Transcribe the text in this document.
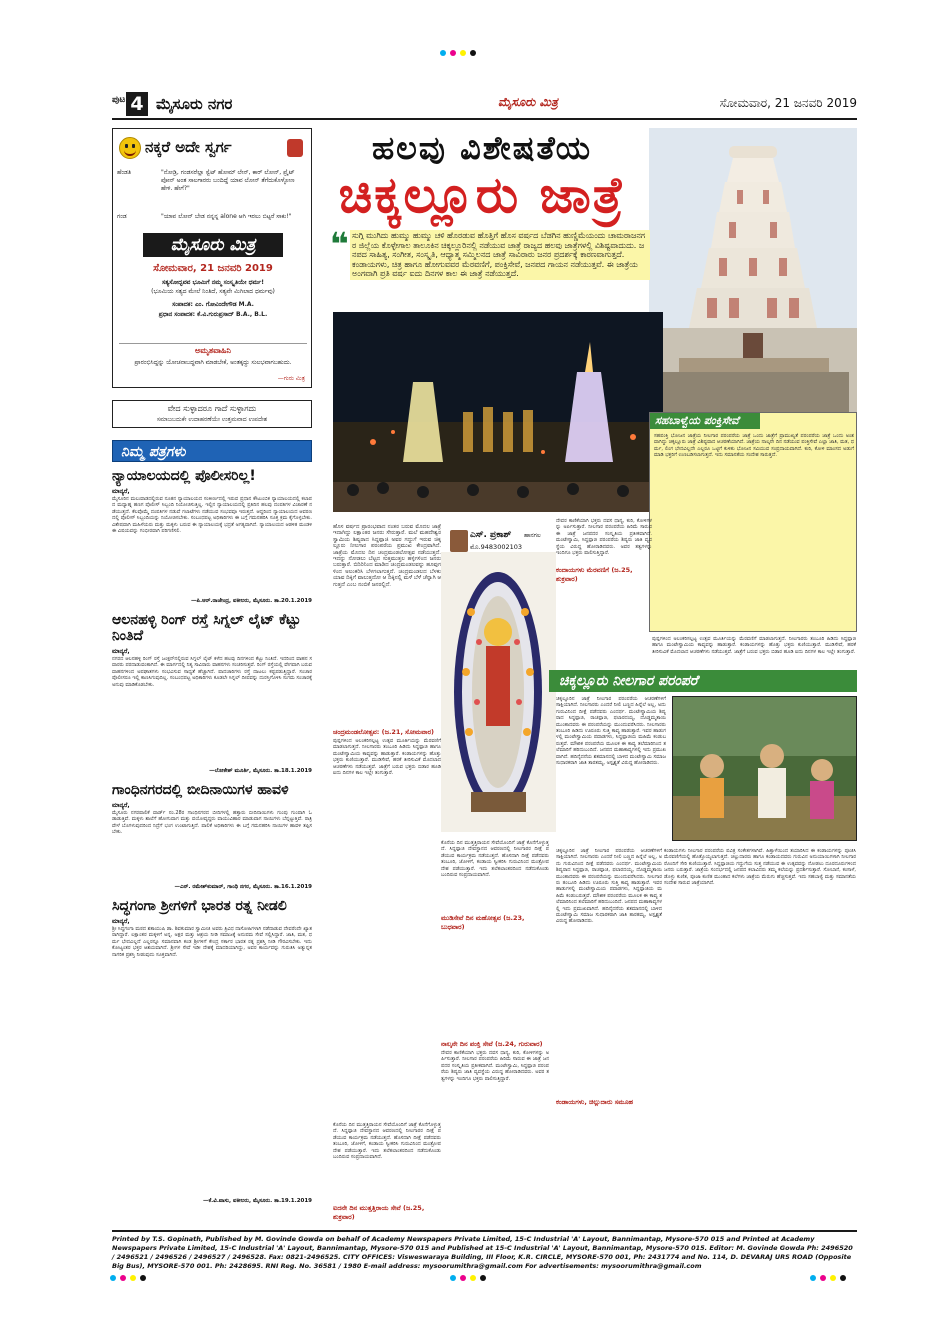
ಪುಟ 4 ಮೈಸೂರು ನಗರ	ಮೈಸೂರು ಮಿತ್ರ	ಸೋಮವಾರ, 21 ಜನವರಿ 2019
ನಕ್ಕರೆ ಅದೇ ಸ್ವರ್ಗ
ಹೆಂಡತಿ	"ನೋಡ್ರಿ, ಗಂಡಸರೆಲ್ಲಾ ಸ್ವೆಟ್ ಹೋಮ್ ಲೇನ್, ಕಾರ್ ಲೋನ್, ಪ್ರೈಟ್ ಪೋನ್ ಅಂತ ಸಾಲಗಾರರು ಬಂದಿದ್ದೆ ಯಾವ ಲೋನ್ ತೆಗೆದುಕೊಳ್ಳೋಣ ಹೇಳಿ. ಹೇಗೆ?"
ಗಂಡ	"ಯಾವ ಲೋನ್ ಬೇಡ ನನ್ನನ್ನ alone ಆಗಿ ಇರಲು ಬಿಟ್ಟರೆ ಸಾಕು!"
ಮೈಸೂರು ಮಿತ್ರ
ಸೋಮವಾರ, 21 ಜನವರಿ 2019
ಸತ್ಯಸೋದ್ಭವವ ಭೂಮಿಗೆ ನಮ್ಮ ಸಂಸ್ಕೃತಿಯೇ ಧರ್ಮ!
(ಭೂಮಿಯ ಸತ್ಯದ ಮೇಲೆ ನಿಂತಿದೆ, ಸತ್ಯವೇ ಮಿಗಿಲಾದ ಧರ್ಮವು)
ಸಂಪಾದಕ: ಎಂ. ಗೋವಿಂದೇಗೌಡ M.A.
ಪ್ರಧಾನ ಸಂಪಾದಕ: ಕೆ.ವಿ.ಗುರುಪ್ರಸಾದ್ B.A., B.L.
ಅಮೃತವಾಹಿನಿ
ಪ್ರಾರಂಭಿಸಿದ್ದನ್ನು ಯೋಚನಾಬದ್ಧವಾಗಿ ಮಾಡಬೇಕೆ, ಅಂತಕ್ಕದ್ದು ಸುಲಭವಾಗಬಹುದು.
—ಗುರು ಮಿತ್ರ
ವೇದ ಸುಳ್ಳಾದರೂ ಗಾದೆ ಸುಳ್ಳಾಗದು
ಸಮಾಜಬದುಕೇ ಉದಾಹರಣೆಯೇ ಉತ್ತಮವಾದ ಉಪದೇಶ
ನಿಮ್ಮ ಪತ್ರಗಳು
ನ್ಯಾಯಾಲಯದಲ್ಲಿ ಪೊಲೀಸರಿಲ್ಲ!
ಮಾನ್ಯರೆ,
ಮೈಸೂರಿನ ಮಲುವಾಡದಲ್ಲಿರುವ ನೂತನ ನ್ಯಾಯಾಲಯದ ಸಂಕೀರ್ಣದಲ್ಲಿ ಇರುವ ಪ್ರಧಾನ ಕೌಟುಂಬಿಕ ನ್ಯಾಯಾಲಯದಲ್ಲಿ ಕಲಾಪದ ಮಧ್ಯಾಹ್ನ ಹಣಗ ಪೊಲೀಸ್ ಸಿಬ್ಬಂದಿ ನಿಯೋಜಿಸುತ್ತಿಲ್ಲ. ಇಲ್ಲಿನ ನ್ಯಾಯಾಲಯದಲ್ಲಿ ಪ್ರತಿದಿನ ಹಲವು ದಂಪತಿಗಳ ವಿಚಾರಣೆ ನಡೆಯುತ್ತದೆ. ಕೆಲವೊಮ್ಮೆ ದಂಪತಿಗಳ ನಡುವೆ ಗಲಾಟೆಗಳು ನಡೆಯುವ ಸಂಭವವೂ ಇರುತ್ತದೆ. ಆದ್ದರಿಂದ ನ್ಯಾಯಾಲಯದ ಆವರಣದಲ್ಲಿ ಪೊಲೀಸ್ ಸಿಬ್ಬಂದಿಯನ್ನು ನಿಯೋಜಿಸಬೇಕು. ಸಂಬಂಧಪಟ್ಟ ಅಧಿಕಾರಿಗಳು ಈ ಬಗ್ಗೆ ಗಮನಹರಿಸಿ ಸೂಕ್ತ ಕ್ರಮ ಕೈಗೊಳ್ಳಬೇಕು. ವಿಶೇಷವಾಗಿ ಮಹಿಳೆಯರು ಮತ್ತು ಮಕ್ಕಳು ಬರುವ ಈ ನ್ಯಾಯಾಲಯಕ್ಕೆ ಭದ್ರತೆ ಅಗತ್ಯವಾಗಿದೆ. ನ್ಯಾಯಾಲಯದ ಆಡಳಿತ ಮಂಡಳಿ ಈ ವಿಷಯವನ್ನು ಗಂಭೀರವಾಗಿ ಪರಿಗಣಿಸಲಿ.
—ಪಿ.ಆರ್.ರಾಜೇಂದ್ರ, ವಕೀಲರು, ಮೈಸೂರು. ತಾ.20.1.2019
ಆಲನಹಳ್ಳಿ ರಿಂಗ್ ರಸ್ತೆ ಸಿಗ್ನಲ್ ಲೈಟ್ ಕೆಟ್ಟು ನಿಂತಿದೆ
ಮಾನ್ಯರೆ,
ನಗರದ ಆಲನಹಳ್ಳಿ ರಿಂಗ್ ರಸ್ತೆ ಜಂಕ್ಷನ್‌ನಲ್ಲಿರುವ ಸಿಗ್ನಲ್ ಲೈಟ್ ಕಳೆದ ಹಲವು ದಿನಗಳಿಂದ ಕೆಟ್ಟು ನಿಂತಿದೆ. ಇದರಿಂದ ವಾಹನ ಸವಾರರು ಪರದಾಡುವಂತಾಗಿದೆ. ಈ ಮಾರ್ಗದಲ್ಲಿ ನಿತ್ಯ ಸಾವಿರಾರು ವಾಹನಗಳು ಸಂಚರಿಸುತ್ತವೆ. ರಿಂಗ್ ರಸ್ತೆಯಲ್ಲಿ ವೇಗವಾಗಿ ಬರುವ ವಾಹನಗಳಿಂದ ಅಪಘಾತಗಳು ಸಂಭವಿಸುವ ಸಾಧ್ಯತೆ ಹೆಚ್ಚಾಗಿದೆ. ಪಾದಚಾರಿಗಳು ರಸ್ತೆ ದಾಟಲು ಕಷ್ಟಪಡುತ್ತಿದ್ದಾರೆ. ಸಂಚಾರ ಪೊಲೀಸರೂ ಇಲ್ಲಿ ಕಾಣಸಿಗುವುದಿಲ್ಲ. ಸಂಬಂಧಪಟ್ಟ ಅಧಿಕಾರಿಗಳು ಕೂಡಲೇ ಸಿಗ್ನಲ್ ದೀಪವನ್ನು ದುರಸ್ತಿಗೊಳಿಸಿ ಸುಗಮ ಸಂಚಾರಕ್ಕೆ ಅನುವು ಮಾಡಿಕೊಡಬೇಕು.
—ಲೋಕೇಶ್ ಮೂರ್ತಿ, ಮೈಸೂರು. ತಾ.18.1.2019
ಗಾಂಧಿನಗರದಲ್ಲಿ ಬೀದಿನಾಯಿಗಳ ಹಾವಳಿ
ಮಾನ್ಯರೆ,
ಮೈಸೂರು ನಗರಪಾಲಿಕೆ ವಾರ್ಡ್ ನಂ.28ರ ಗಾಂಧಿನಗರದ ಬೀದಿಗಳಲ್ಲಿ ಹತ್ತಾರು ಬೀದಿನಾಯಿಗಳು ಗುಂಪು ಗುಂಪಾಗಿ ಓಡಾಡುತ್ತಿವೆ. ಮಕ್ಕಳು ಶಾಲೆಗೆ ಹೋಗುವಾಗ ಮತ್ತು ವಯೋವೃದ್ಧರು ವಾಯುವಿಹಾರ ಮಾಡುವಾಗ ನಾಯಿಗಳು ಬೆನ್ನಟ್ಟುತ್ತಿವೆ. ರಾತ್ರಿ ವೇಳೆ ಬೊಗಳುವುದರಿಂದ ನಿದ್ರೆಗೆ ಭಂಗ ಉಂಟಾಗುತ್ತಿದೆ. ಪಾಲಿಕೆ ಅಧಿಕಾರಿಗಳು ಈ ಬಗ್ಗೆ ಗಮನಹರಿಸಿ ನಾಯಿಗಳ ಹಾವಳಿ ತಪ್ಪಿಸಬೇಕು.
—ಎನ್. ರಮೇಶ್‌ಕುಮಾರ್, ಗಾಂಧಿ ನಗರ, ಮೈಸೂರು. ತಾ.16.1.2019
ಸಿದ್ಧಗಂಗಾ ಶ್ರೀಗಳಿಗೆ ಭಾರತ ರತ್ನ ನೀಡಲಿ
ಮಾನ್ಯರೆ,
ಶ್ರೀ ಸಿದ್ಧಗಂಗಾ ಮಠದ ಶತಾಯುಷಿ ಡಾ. ಶಿವಕುಮಾರ ಸ್ವಾಮೀಜಿ ಅವರು ತ್ರಿವಿಧ ದಾಸೋಹಿಗಳಾಗಿ ನಡೆದಾಡುವ ದೇವರೆಂದೇ ಖ್ಯಾತರಾಗಿದ್ದಾರೆ. ಲಕ್ಷಾಂತರ ಮಕ್ಕಳಿಗೆ ಅನ್ನ, ಅಕ್ಷರ ಮತ್ತು ಆಶ್ರಯ ನೀಡಿ ಸಮಾಜಕ್ಕೆ ಅನುಪಮ ಸೇವೆ ಸಲ್ಲಿಸಿದ್ದಾರೆ. ಜಾತಿ, ಮತ, ಧರ್ಮ ಭೇದವಿಲ್ಲದೆ ಎಲ್ಲರನ್ನೂ ಸಮಾನವಾಗಿ ಕಂಡ ಶ್ರೀಗಳಿಗೆ ಕೇಂದ್ರ ಸರ್ಕಾರ ಭಾರತ ರತ್ನ ಪ್ರಶಸ್ತಿ ನೀಡಿ ಗೌರವಿಸಬೇಕು. ಇದು ಕೋಟ್ಯಂತರ ಭಕ್ತರ ಆಶಯವಾಗಿದೆ. ಶ್ರೀಗಳ ಸೇವೆ ಇಡೀ ದೇಶಕ್ಕೆ ಮಾದರಿಯಾಗಿದ್ದು, ಅವರ ಕಾರ್ಯವನ್ನು ಗುರುತಿಸಿ ಅತ್ಯುನ್ನತ ನಾಗರಿಕ ಪ್ರಶಸ್ತಿ ನೀಡುವುದು ಸೂಕ್ತವಾಗಿದೆ.
—ಕೆ.ವಿ.ವಾಸು, ವಕೀಲರು, ಮೈಸೂರು. ತಾ.19.1.2019
ಹಲವು ವಿಶೇಷತೆಯ
ಚಿಕ್ಕಲ್ಲೂರು ಜಾತ್ರೆ
❝ ಸುಗ್ಗಿ ಮುಗಿದು ಹುಮ್ಮು ಹುಮ್ಮು ಚಳಿ ಹೊರಡುವ ಹೊತ್ತಿಗೆ ಹೊಸ ವರ್ಷದ ಬೆಡಗಿನ ಹುಣ್ಣಿಮೆಯಂದು ಚಾಮರಾಜನಗರ ಜಿಲ್ಲೆಯ ಕೊಳ್ಳೇಗಾಲ ತಾಲೂಕಿನ ಚಿಕ್ಕಲ್ಲೂರಿನಲ್ಲಿ ನಡೆಯುವ ಜಾತ್ರೆ ರಾಜ್ಯದ ಹಲವು ಜಾತ್ರೆಗಳಲ್ಲಿ ವಿಶಿಷ್ಟವಾದುದು. ಜನಪದ ಸಾಹಿತ್ಯ, ಸಂಗೀತ, ಸಂಸ್ಕೃತಿ, ಆಧ್ಯಾತ್ಮ ಸಮ್ಮಿಲನದ ಜಾತ್ರೆ ಸಾವಿರಾರು ಜನರ ಪ್ರದರ್ಶಕ್ಕೆ ಕಾರಣವಾಗುತ್ತದೆ. ಕಂಡಾಯಗಳು, ಚಿತ್ರ ಹಾಗೂ ಹೋಗುವವರ ಮೆರವಣಿಗೆ, ಪಂಕ್ತಿಸೇವೆ, ಜನಪದ ಗಾಯನ ನಡೆಯುತ್ತವೆ. ಈ ಜಾತ್ರೆಯ ಅಂಗವಾಗಿ ಪ್ರತಿ ವರ್ಷ ಐದು ದಿನಗಳ ಕಾಲ ಈ ಜಾತ್ರೆ ನಡೆಯುತ್ತದೆ.
ಸಹಬಾಳ್ವೆಯ ಪಂಕ್ತಿಸೇವೆ
ಸಹಪಂಕ್ತಿ ಭೋಜನ ಜಾತ್ರೆಯ ನೀಲಗಾರ ಪರಂಪರೆಯ ಜಾತ್ರೆ ಒಂದು ಜಾತ್ರೆಗೆ ಪ್ರಾಮುಖ್ಯತೆ ಪರಂಪರೆಯ ಜಾತ್ರೆ ಒಂದು ಅಂಶವಾಗಿದ್ದು ಚಿಕ್ಕಲ್ಲೂರು ಜಾತ್ರೆ ವಿಶಿಷ್ಟವಾದ ಆಚರಣೆಯಾಗಿದೆ. ಜಾತ್ರೆಯ ನಾಲ್ಕನೇ ದಿನ ನಡೆಯುವ ಪಂಕ್ತಿಸೇವೆ ಎಲ್ಲಾ ಜಾತಿ, ಮತ, ಧರ್ಮ, ಲಿಂಗ ಭೇದವಿಲ್ಲದೇ ಎಲ್ಲರೂ ಒಟ್ಟಿಗೆ ಕುಳಿತು ಭೋಜನ ಸವಿಯುವ ಸಂಪ್ರದಾಯವಾಗಿದೆ. ಕುರಿ, ಕೋಳಿ ಮಾಂಸದ ಅಡುಗೆ ಮಾಡಿ ಭಕ್ತರಿಗೆ ಉಣಬಡಿಸಲಾಗುತ್ತದೆ. ಇದು ಸಮಾನತೆಯ ಸಂದೇಶ ಸಾರುತ್ತದೆ.
ಹೊಸ ವರ್ಷದ ಪ್ರಾರಂಭವಾದ ನಂತರ ಬರುವ ಮೊದಲ ಜಾತ್ರೆ ಇದಾಗಿದ್ದು ಲಕ್ಷಾಂತರ ಜನರು ಸೇರುತ್ತಾರೆ. ಮಲೆ ಮಹದೇಶ್ವರ ಸ್ವಾಮಿಯ ಶಿಷ್ಯರಾದ ಸಿದ್ದಪ್ಪಾಜಿ ಅವರ ಗದ್ದುಗೆ ಇರುವ ಚಿಕ್ಕಲ್ಲೂರು ನೀಲಗಾರ ಪರಂಪರೆಯ ಪ್ರಮುಖ ಕೇಂದ್ರವಾಗಿದೆ. ಜಾತ್ರೆಯ ಮೊದಲ ದಿನ ಚಂದ್ರಮಂಡಲೋತ್ಸವ ನಡೆಯುತ್ತದೆ. ಇದನ್ನು ನೋಡಲು ಬೆಟ್ಟದ ಸುತ್ತಮುತ್ತಲ ಹಳ್ಳಿಗಳಿಂದ ಜನರು ಬರುತ್ತಾರೆ. ಬಿದಿರಿನಿಂದ ಮಾಡಿದ ಚಂದ್ರಮಂಡಲವನ್ನು ಹೂವುಗಳಿಂದ ಅಲಂಕರಿಸಿ ಬೆಳಗಲಾಗುತ್ತದೆ. ಚಂದ್ರಮಂಡಲದ ಬೆಳಕು ಯಾವ ದಿಕ್ಕಿಗೆ ವಾಲುತ್ತದೋ ಆ ದಿಕ್ಕಿನಲ್ಲಿ ಮಳೆ ಬೆಳೆ ಚೆನ್ನಾಗಿ ಆಗುತ್ತದೆ ಎಂಬ ನಂಬಿಕೆ ಜನರಲ್ಲಿದೆ.
ಎಸ್. ಪ್ರಕಾಶ್ ಹಾನಗಲ
ಮೊ.9483002103
ಚಂದ್ರಮಂಡಲೋತ್ಸವ: (ಜ.21, ಸೋಮವಾರ)
ಪುಷ್ಪಗಳಿಂದ ಅಲಂಕರಿಸಲ್ಪಟ್ಟ ಉತ್ಸವ ಮೂರ್ತಿಯನ್ನು ಮೆರವಣಿಗೆ ಮಾಡಲಾಗುತ್ತದೆ. ನೀಲಗಾರರು ತಂಬೂರಿ ಹಿಡಿದು ಸಿದ್ದಪ್ಪಾಜಿ ಹಾಗೂ ಮಂಟೇಸ್ವಾಮಿಯ ಕಾವ್ಯವನ್ನು ಹಾಡುತ್ತಾರೆ. ಕಂಡಾಯಗಳನ್ನು ಹೊತ್ತು ಭಕ್ತರು ಕುಣಿಯುತ್ತಾರೆ. ಮುಡಿಸೇವೆ, ಹರಕೆ ತೀರಿಸುವಿಕೆ ಮೊದಲಾದ ಆಚರಣೆಗಳು ನಡೆಯುತ್ತವೆ. ಜಾತ್ರೆಗೆ ಬರುವ ಭಕ್ತರು ಬಿಡಾರ ಹೂಡಿ ಐದು ದಿನಗಳ ಕಾಲ ಇಲ್ಲೇ ತಂಗುತ್ತಾರೆ.
ಕೊನೆಯ ದಿನ ಮುತ್ತತ್ತಿರಾಯನ ಸೇವೆಯೊಂದಿಗೆ ಜಾತ್ರೆ ಕೊನೆಗೊಳ್ಳುತ್ತದೆ. ಸಿದ್ದಪ್ಪಾಜಿ ದೇವಸ್ಥಾನದ ಆವರಣದಲ್ಲಿ ನೀಲಗಾರರ ದೀಕ್ಷೆ ಪಡೆಯುವ ಕಾರ್ಯಕ್ರಮ ನಡೆಯುತ್ತದೆ. ಹೊಸದಾಗಿ ದೀಕ್ಷೆ ಪಡೆದವರು ತಂಬೂರಿ, ಜೋಳಿಗೆ, ಕಂಡಾಯ ಸ್ವೀಕರಿಸಿ ಗುರುವಿನಿಂದ ಮಂತ್ರೋಪದೇಶ ಪಡೆಯುತ್ತಾರೆ. ಇದು ತಲೆತಲಾಂತರದಿಂದ ನಡೆದುಕೊಂಡು ಬಂದಿರುವ ಸಂಪ್ರದಾಯವಾಗಿದೆ.
ಐದನೇ ದಿನ ಮುತ್ತತ್ತಿರಾಯ ಸೇವೆ (ಜ.25, ಶುಕ್ರವಾರ)
ಕೊನೆಯ ದಿನ ಮುತ್ತತ್ತಿರಾಯನ ಸೇವೆಯೊಂದಿಗೆ ಜಾತ್ರೆ ಕೊನೆಗೊಳ್ಳುತ್ತದೆ. ಸಿದ್ದಪ್ಪಾಜಿ ದೇವಸ್ಥಾನದ ಆವರಣದಲ್ಲಿ ನೀಲಗಾರರ ದೀಕ್ಷೆ ಪಡೆಯುವ ಕಾರ್ಯಕ್ರಮ ನಡೆಯುತ್ತದೆ. ಹೊಸದಾಗಿ ದೀಕ್ಷೆ ಪಡೆದವರು ತಂಬೂರಿ, ಜೋಳಿಗೆ, ಕಂಡಾಯ ಸ್ವೀಕರಿಸಿ ಗುರುವಿನಿಂದ ಮಂತ್ರೋಪದೇಶ ಪಡೆಯುತ್ತಾರೆ. ಇದು ತಲೆತಲಾಂತರದಿಂದ ನಡೆದುಕೊಂಡು ಬಂದಿರುವ ಸಂಪ್ರದಾಯವಾಗಿದೆ.
ಮುಡಿಸೇವೆ ದಿನ ಮಹೋತ್ಸವ (ಜ.23, ಬುಧವಾರ)
ನಾಲ್ಕನೇ ದಿನ ಪಂಕ್ತಿ ಸೇವೆ (ಜ.24, ಗುರುವಾರ)
ದೇವರ ಕಾಣಿಕೆಯಾಗಿ ಭಕ್ತರು ದವಸ ಧಾನ್ಯ, ಕುರಿ, ಕೋಳಿಗಳನ್ನು ಅರ್ಪಿಸುತ್ತಾರೆ. ನೀಲಗಾರ ಪರಂಪರೆಯ ಹಿರಿಮೆ ಸಾರುವ ಈ ಜಾತ್ರೆ ಜನಪದರ ಸಂಸ್ಕೃತಿಯ ಪ್ರತೀಕವಾಗಿದೆ. ಮಂಟೇಸ್ವಾಮಿ, ಸಿದ್ದಪ್ಪಾಜಿ ಪರಂಪರೆಯ ಶಿಷ್ಯರು ಜಾತಿ ವ್ಯವಸ್ಥೆಯ ವಿರುದ್ಧ ಹೋರಾಡಿದವರು. ಅವರ ತತ್ವಗಳನ್ನು ಇಂದಿಗೂ ಭಕ್ತರು ಪಾಲಿಸುತ್ತಿದ್ದಾರೆ.
ದೇವರ ಕಾಣಿಕೆಯಾಗಿ ಭಕ್ತರು ದವಸ ಧಾನ್ಯ, ಕುರಿ, ಕೋಳಿಗಳನ್ನು ಅರ್ಪಿಸುತ್ತಾರೆ. ನೀಲಗಾರ ಪರಂಪರೆಯ ಹಿರಿಮೆ ಸಾರುವ ಈ ಜಾತ್ರೆ ಜನಪದರ ಸಂಸ್ಕೃತಿಯ ಪ್ರತೀಕವಾಗಿದೆ. ಮಂಟೇಸ್ವಾಮಿ, ಸಿದ್ದಪ್ಪಾಜಿ ಪರಂಪರೆಯ ಶಿಷ್ಯರು ಜಾತಿ ವ್ಯವಸ್ಥೆಯ ವಿರುದ್ಧ ಹೋರಾಡಿದವರು. ಅವರ ತತ್ವಗಳನ್ನು ಇಂದಿಗೂ ಭಕ್ತರು ಪಾಲಿಸುತ್ತಿದ್ದಾರೆ.
ಕಂದಾಯಗಳು ಮೆರವಣಿಗೆ (ಜ.25, ಶುಕ್ರವಾರ)
ಪುಷ್ಪಗಳಿಂದ ಅಲಂಕರಿಸಲ್ಪಟ್ಟ ಉತ್ಸವ ಮೂರ್ತಿಯನ್ನು ಮೆರವಣಿಗೆ ಮಾಡಲಾಗುತ್ತದೆ. ನೀಲಗಾರರು ತಂಬೂರಿ ಹಿಡಿದು ಸಿದ್ದಪ್ಪಾಜಿ ಹಾಗೂ ಮಂಟೇಸ್ವಾಮಿಯ ಕಾವ್ಯವನ್ನು ಹಾಡುತ್ತಾರೆ. ಕಂಡಾಯಗಳನ್ನು ಹೊತ್ತು ಭಕ್ತರು ಕುಣಿಯುತ್ತಾರೆ. ಮುಡಿಸೇವೆ, ಹರಕೆ ತೀರಿಸುವಿಕೆ ಮೊದಲಾದ ಆಚರಣೆಗಳು ನಡೆಯುತ್ತವೆ. ಜಾತ್ರೆಗೆ ಬರುವ ಭಕ್ತರು ಬಿಡಾರ ಹೂಡಿ ಐದು ದಿನಗಳ ಕಾಲ ಇಲ್ಲೇ ತಂಗುತ್ತಾರೆ.
ಚಿಕ್ಕಲ್ಲೂರು ನೀಲಗಾರ ಪರಂಪರೆ
ಚಿಕ್ಕಲ್ಲೂರಿನ ಜಾತ್ರೆ ನೀಲಗಾರ ಪರಂಪರೆಯ ಆಚರಣೆಗಳಿಗೆ ಸಾಕ್ಷಿಯಾಗಿದೆ. ನೀಲಗಾರರು ಎಂದರೆ ನೀಲಿ ಬಣ್ಣದ ಹಿನ್ನೆಲೆ ಅಲ್ಲ, ಅದು ಗುರುವಿನಿಂದ ದೀಕ್ಷೆ ಪಡೆದವರು ಎಂದರ್ಥ. ಮಂಟೇಸ್ವಾಮಿಯ ಶಿಷ್ಯರಾದ ಸಿದ್ದಪ್ಪಾಜಿ, ರಾಚಪ್ಪಾಜಿ, ಫಲಾರದಯ್ಯ, ದೊಡ್ಡಮ್ಮತಾಯಿ ಮುಂತಾದವರು ಈ ಪರಂಪರೆಯನ್ನು ಮುಂದುವರೆಸಿದರು. ನೀಲಗಾರರು ತಂಬೂರಿ ಹಿಡಿದು ಊರೂರು ಸುತ್ತಿ ಕಾವ್ಯ ಹಾಡುತ್ತಾರೆ. ಇವರ ಹಾಡುಗಳಲ್ಲಿ ಮಂಟೇಸ್ವಾಮಿಯ ಪವಾಡಗಳು, ಸಿದ್ದಪ್ಪಾಜಿಯ ಮಹಿಮೆ ಕಂಡುಬರುತ್ತವೆ. ಮೌಖಿಕ ಪರಂಪರೆಯ ಮೂಲಕ ಈ ಕಾವ್ಯ ತಲೆಮಾರಿನಿಂದ ತಲೆಮಾರಿಗೆ ಹರಿದುಬಂದಿದೆ. ಜನಪದ ಮಹಾಕಾವ್ಯಗಳಲ್ಲಿ ಇದು ಪ್ರಮುಖವಾಗಿದೆ. ಹದಿನೈದನೆಯ ಶತಮಾನದಲ್ಲಿ ಬಾಳಿದ ಮಂಟೇಸ್ವಾಮಿ ಸಮಾಜ ಸುಧಾರಕರಾಗಿ ಜಾತಿ ತಾರತಮ್ಯ, ಅಸ್ಪೃಶ್ಯತೆ ವಿರುದ್ಧ ಹೋರಾಡಿದರು.
ಚಿಕ್ಕಲ್ಲೂರಿನ ಜಾತ್ರೆ ನೀಲಗಾರ ಪರಂಪರೆಯ ಆಚರಣೆಗಳಿಗೆ ಸಾಕ್ಷಿಯಾಗಿದೆ. ನೀಲಗಾರರು ಎಂದರೆ ನೀಲಿ ಬಣ್ಣದ ಹಿನ್ನೆಲೆ ಅಲ್ಲ, ಅದು ಗುರುವಿನಿಂದ ದೀಕ್ಷೆ ಪಡೆದವರು ಎಂದರ್ಥ. ಮಂಟೇಸ್ವಾಮಿಯ ಶಿಷ್ಯರಾದ ಸಿದ್ದಪ್ಪಾಜಿ, ರಾಚಪ್ಪಾಜಿ, ಫಲಾರದಯ್ಯ, ದೊಡ್ಡಮ್ಮತಾಯಿ ಮುಂತಾದವರು ಈ ಪರಂಪರೆಯನ್ನು ಮುಂದುವರೆಸಿದರು. ನೀಲಗಾರರು ತಂಬೂರಿ ಹಿಡಿದು ಊರೂರು ಸುತ್ತಿ ಕಾವ್ಯ ಹಾಡುತ್ತಾರೆ. ಇವರ ಹಾಡುಗಳಲ್ಲಿ ಮಂಟೇಸ್ವಾಮಿಯ ಪವಾಡಗಳು, ಸಿದ್ದಪ್ಪಾಜಿಯ ಮಹಿಮೆ ಕಂಡುಬರುತ್ತವೆ. ಮೌಖಿಕ ಪರಂಪರೆಯ ಮೂಲಕ ಈ ಕಾವ್ಯ ತಲೆಮಾರಿನಿಂದ ತಲೆಮಾರಿಗೆ ಹರಿದುಬಂದಿದೆ. ಜನಪದ ಮಹಾಕಾವ್ಯಗಳಲ್ಲಿ ಇದು ಪ್ರಮುಖವಾಗಿದೆ. ಹದಿನೈದನೆಯ ಶತಮಾನದಲ್ಲಿ ಬಾಳಿದ ಮಂಟೇಸ್ವಾಮಿ ಸಮಾಜ ಸುಧಾರಕರಾಗಿ ಜಾತಿ ತಾರತಮ್ಯ, ಅಸ್ಪೃಶ್ಯತೆ ವಿರುದ್ಧ ಹೋರಾಡಿದರು.
ಕಂಡಾಯಗಳು, ಚಿಲ್ಲುದಾರು ಸಮೂಹ
ಕಂಡಾಯಗಳು ನೀಲಗಾರ ಪರಂಪರೆಯ ಪವಿತ್ರ ಸಂಕೇತಗಳಾಗಿವೆ. ಹಿತ್ತಾಳೆಯಿಂದ ತಯಾರಿಸಿದ ಈ ಕಂಡಾಯಗಳನ್ನು ಪೂಜಿಸಿ ಮೆರವಣಿಗೆಯಲ್ಲಿ ಹೊತ್ತೊಯ್ಯಲಾಗುತ್ತದೆ. ಚಿಲ್ಲುದಾರರು ಹಾಗೂ ಕಂಡಾಯದವರು ಗುರುವಿನ ಅನುಯಾಯಿಗಳಾಗಿ ನೀಲಗಾರರೊಂದಿಗೆ ಸೇರಿ ಕುಣಿಯುತ್ತಾರೆ. ಸಿದ್ದಪ್ಪಾಜಿಯ ಗದ್ದುಗೆಯ ಸುತ್ತ ನಡೆಯುವ ಈ ಉತ್ಸವವನ್ನು ನೋಡಲು ದೂರದೂರುಗಳಿಂದ ಜನರು ಬರುತ್ತಾರೆ. ಜಾತ್ರೆಯ ಸಂದರ್ಭದಲ್ಲಿ ಜನಪದ ಕಲಾವಿದರು ತಮ್ಮ ಕಲೆಯನ್ನು ಪ್ರದರ್ಶಿಸುತ್ತಾರೆ. ಸೋಬಾನೆ, ಕಂಸಾಳೆ, ಡೊಳ್ಳು ಕುಣಿತ, ಪೂಜಾ ಕುಣಿತ ಮುಂತಾದ ಕಲೆಗಳು ಜಾತ್ರೆಯ ಮೆರುಗು ಹೆಚ್ಚಿಸುತ್ತವೆ. ಇದು ಸಹಬಾಳ್ವೆ ಮತ್ತು ಸಮಾನತೆಯ ಸಂದೇಶ ಸಾರುವ ಜಾತ್ರೆಯಾಗಿದೆ.
Printed by T.S. Gopinath, Published by M. Govinde Gowda on behalf of Academy Newspapers Private Limited, 15-C Industrial 'A' Layout, Bannimantap, Mysore-570 015 and Printed at Academy Newspapers Private Limited, 15-C Industrial 'A' Layout, Bannimantap, Mysore-570 015 and Published at 15-C Industrial 'A' Layout, Bannimantap, Mysore-570 015. Editor: M. Govinde Gowda Ph: 2496520 / 2496521 / 2496526 / 2496527 / 2496528. Fax: 0821-2496525. CITY OFFICES: Visweswaraya Building, III Floor, K.R. CIRCLE, MYSORE-570 001, Ph: 2431774 and No. 114, D. DEVARAJ URS ROAD (Opposite Big Bus), MYSORE-570 001. Ph: 2428695. RNI Reg. No. 36581 / 1980 E-mail address: mysoorumithra@gmail.com For advertisements: mysoorumithra@gmail.com
